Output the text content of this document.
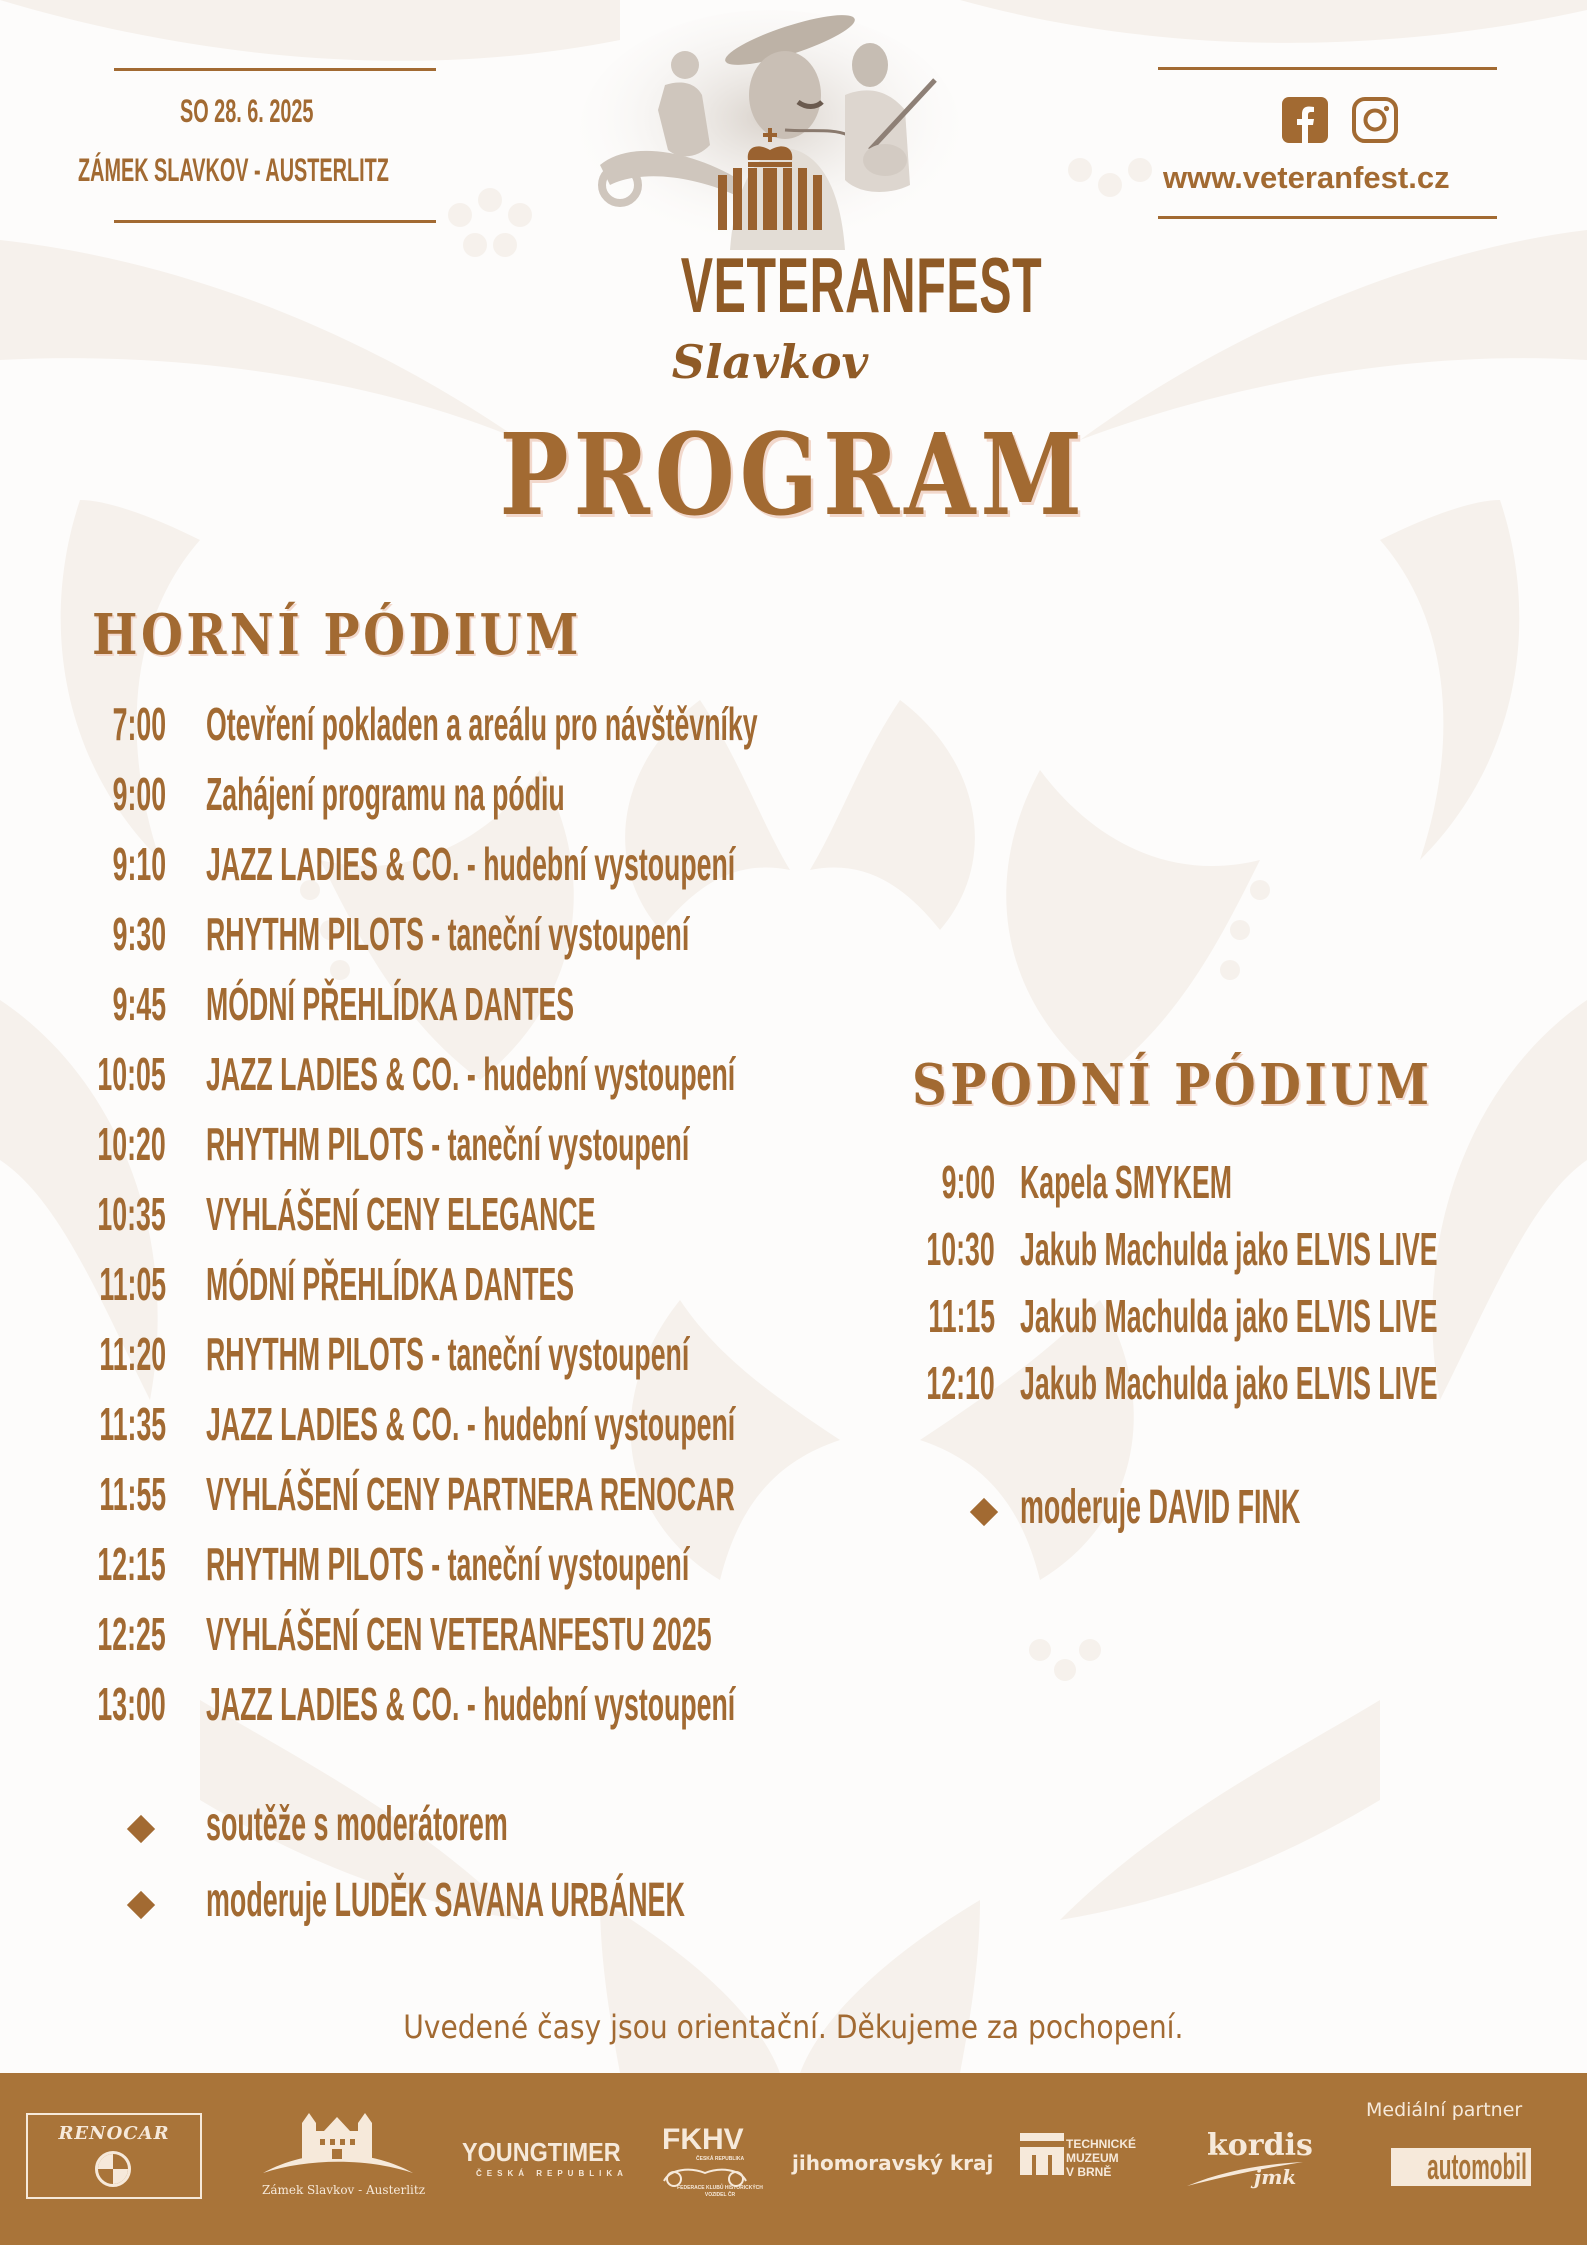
SO 28. 6. 2025
ZÁMEK SLAVKOV - AUSTERLITZ	www.veteranfest.cz
VETERANFEST
Slavkov
PROGRAM
HORNÍ PÓDIUM
7:00 Otevření pokladen a areálu pro návštěvníky
9:00 Zahájení programu na pódiu
9:10 JAZZ LADIES & CO. - hudební vystoupení
9:30 RHYTHM PILOTS - taneční vystoupení
9:45 MÓDNÍ PŘEHLÍDKA DANTES
10:05 JAZZ LADIES & CO. - hudební vystoupení
10:20 RHYTHM PILOTS - taneční vystoupení
10:35 VYHLÁŠENÍ CENY ELEGANCE
11:05 MÓDNÍ PŘEHLÍDKA DANTES
11:20 RHYTHM PILOTS - taneční vystoupení
11:35 JAZZ LADIES & CO. - hudební vystoupení
11:55 VYHLÁŠENÍ CENY PARTNERA RENOCAR
12:15 RHYTHM PILOTS - taneční vystoupení
12:25 VYHLÁŠENÍ CEN VETERANFESTU 2025
13:00 JAZZ LADIES & CO. - hudební vystoupení
soutěže s moderátorem
moderuje LUDĚK SAVANA URBÁNEK
SPODNÍ PÓDIUM
9:00 Kapela SMYKEM
10:30 Jakub Machulda jako ELVIS LIVE
11:15 Jakub Machulda jako ELVIS LIVE
12:10 Jakub Machulda jako ELVIS LIVE
moderuje DAVID FINK
Uvedené časy jsou orientační. Děkujeme za pochopení.
RENOCAR
Zámek Slavkov - Austerlitz
YOUNGTIMER
ČESKÁ REPUBLIKA
FKHV
ČESKÁ REPUBLIKA
FEDERACE KLUBŮ HISTORICKÝCH VOZIDEL ČR
jihomoravský kraj
TECHNICKÉ
MUZEUM
V BRNĚ
kordis
jmk
Mediální partner
automobil
